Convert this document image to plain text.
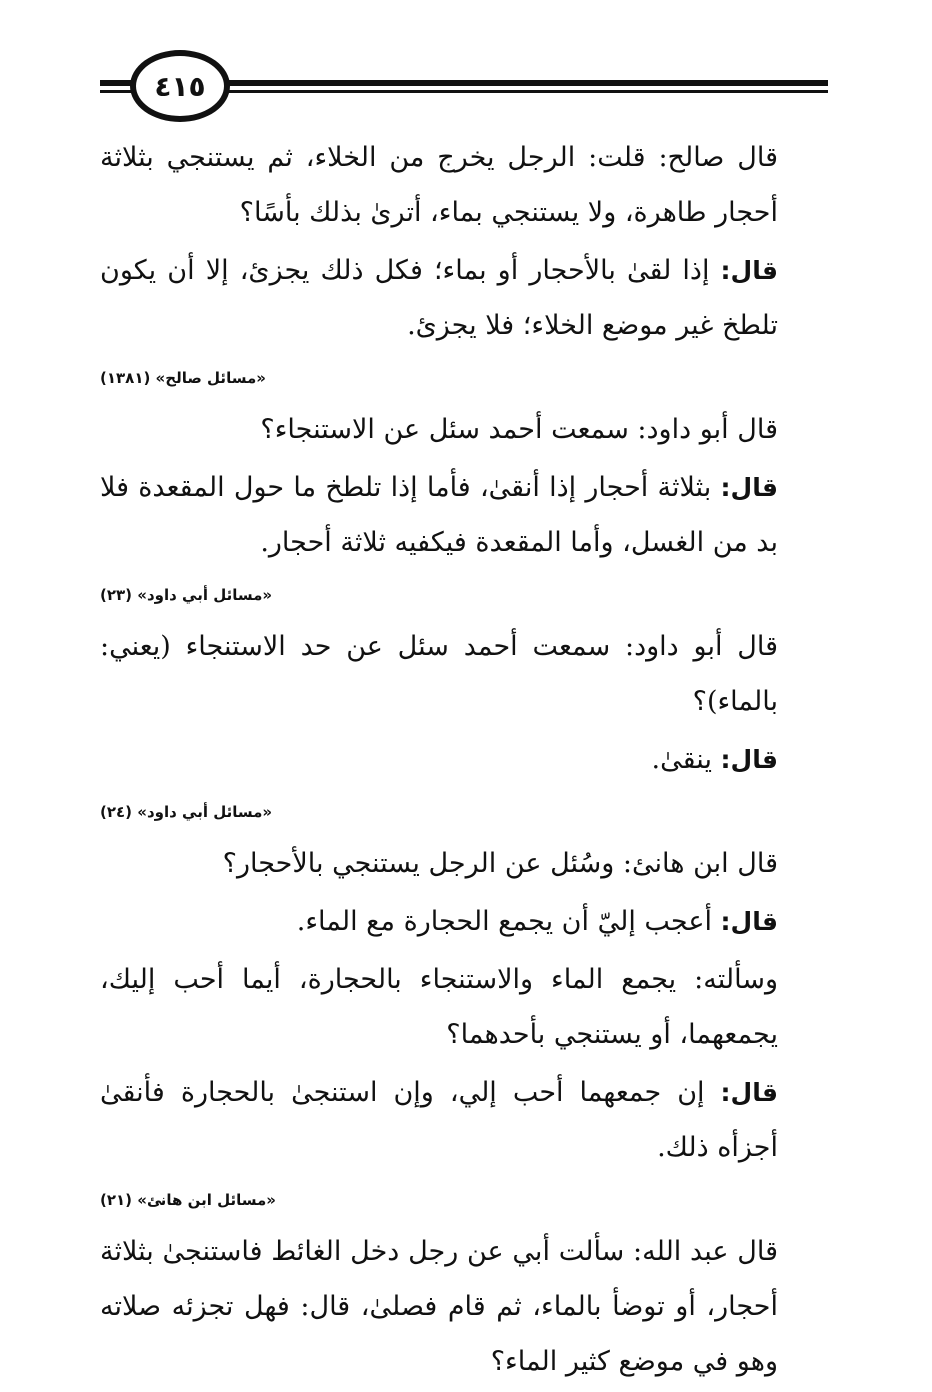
٤١٥

قال صالح: قلت: الرجل يخرج من الخلاء، ثم يستنجي بثلاثة أحجار طاهرة، ولا يستنجي بماء، أترىٰ بذلك بأسًا؟

قال: إذا لقىٰ بالأحجار أو بماء؛ فكل ذلك يجزئ، إلا أن يكون تلطخ غير موضع الخلاء؛ فلا يجزئ.

«مسائل صالح» (١٣٨١)

قال أبو داود: سمعت أحمد سئل عن الاستنجاء؟

قال: بثلاثة أحجار إذا أنقىٰ، فأما إذا تلطخ ما حول المقعدة فلا بد من الغسل، وأما المقعدة فيكفيه ثلاثة أحجار.

«مسائل أبي داود» (٢٣)

قال أبو داود: سمعت أحمد سئل عن حد الاستنجاء (يعني: بالماء)؟

قال: ينقىٰ.

«مسائل أبي داود» (٢٤)

قال ابن هانئ: وسُئل عن الرجل يستنجي بالأحجار؟

قال: أعجب إليّ أن يجمع الحجارة مع الماء.

وسألته: يجمع الماء والاستنجاء بالحجارة، أيما أحب إليك، يجمعهما، أو يستنجي بأحدهما؟

قال: إن جمعهما أحب إلي، وإن استنجىٰ بالحجارة فأنقىٰ أجزأه ذلك.

«مسائل ابن هانئ» (٢١)

قال عبد الله: سألت أبي عن رجل دخل الغائط فاستنجىٰ بثلاثة أحجار، أو توضأ بالماء، ثم قام فصلىٰ، قال: فهل تجزئه صلاته وهو في موضع كثير الماء؟
